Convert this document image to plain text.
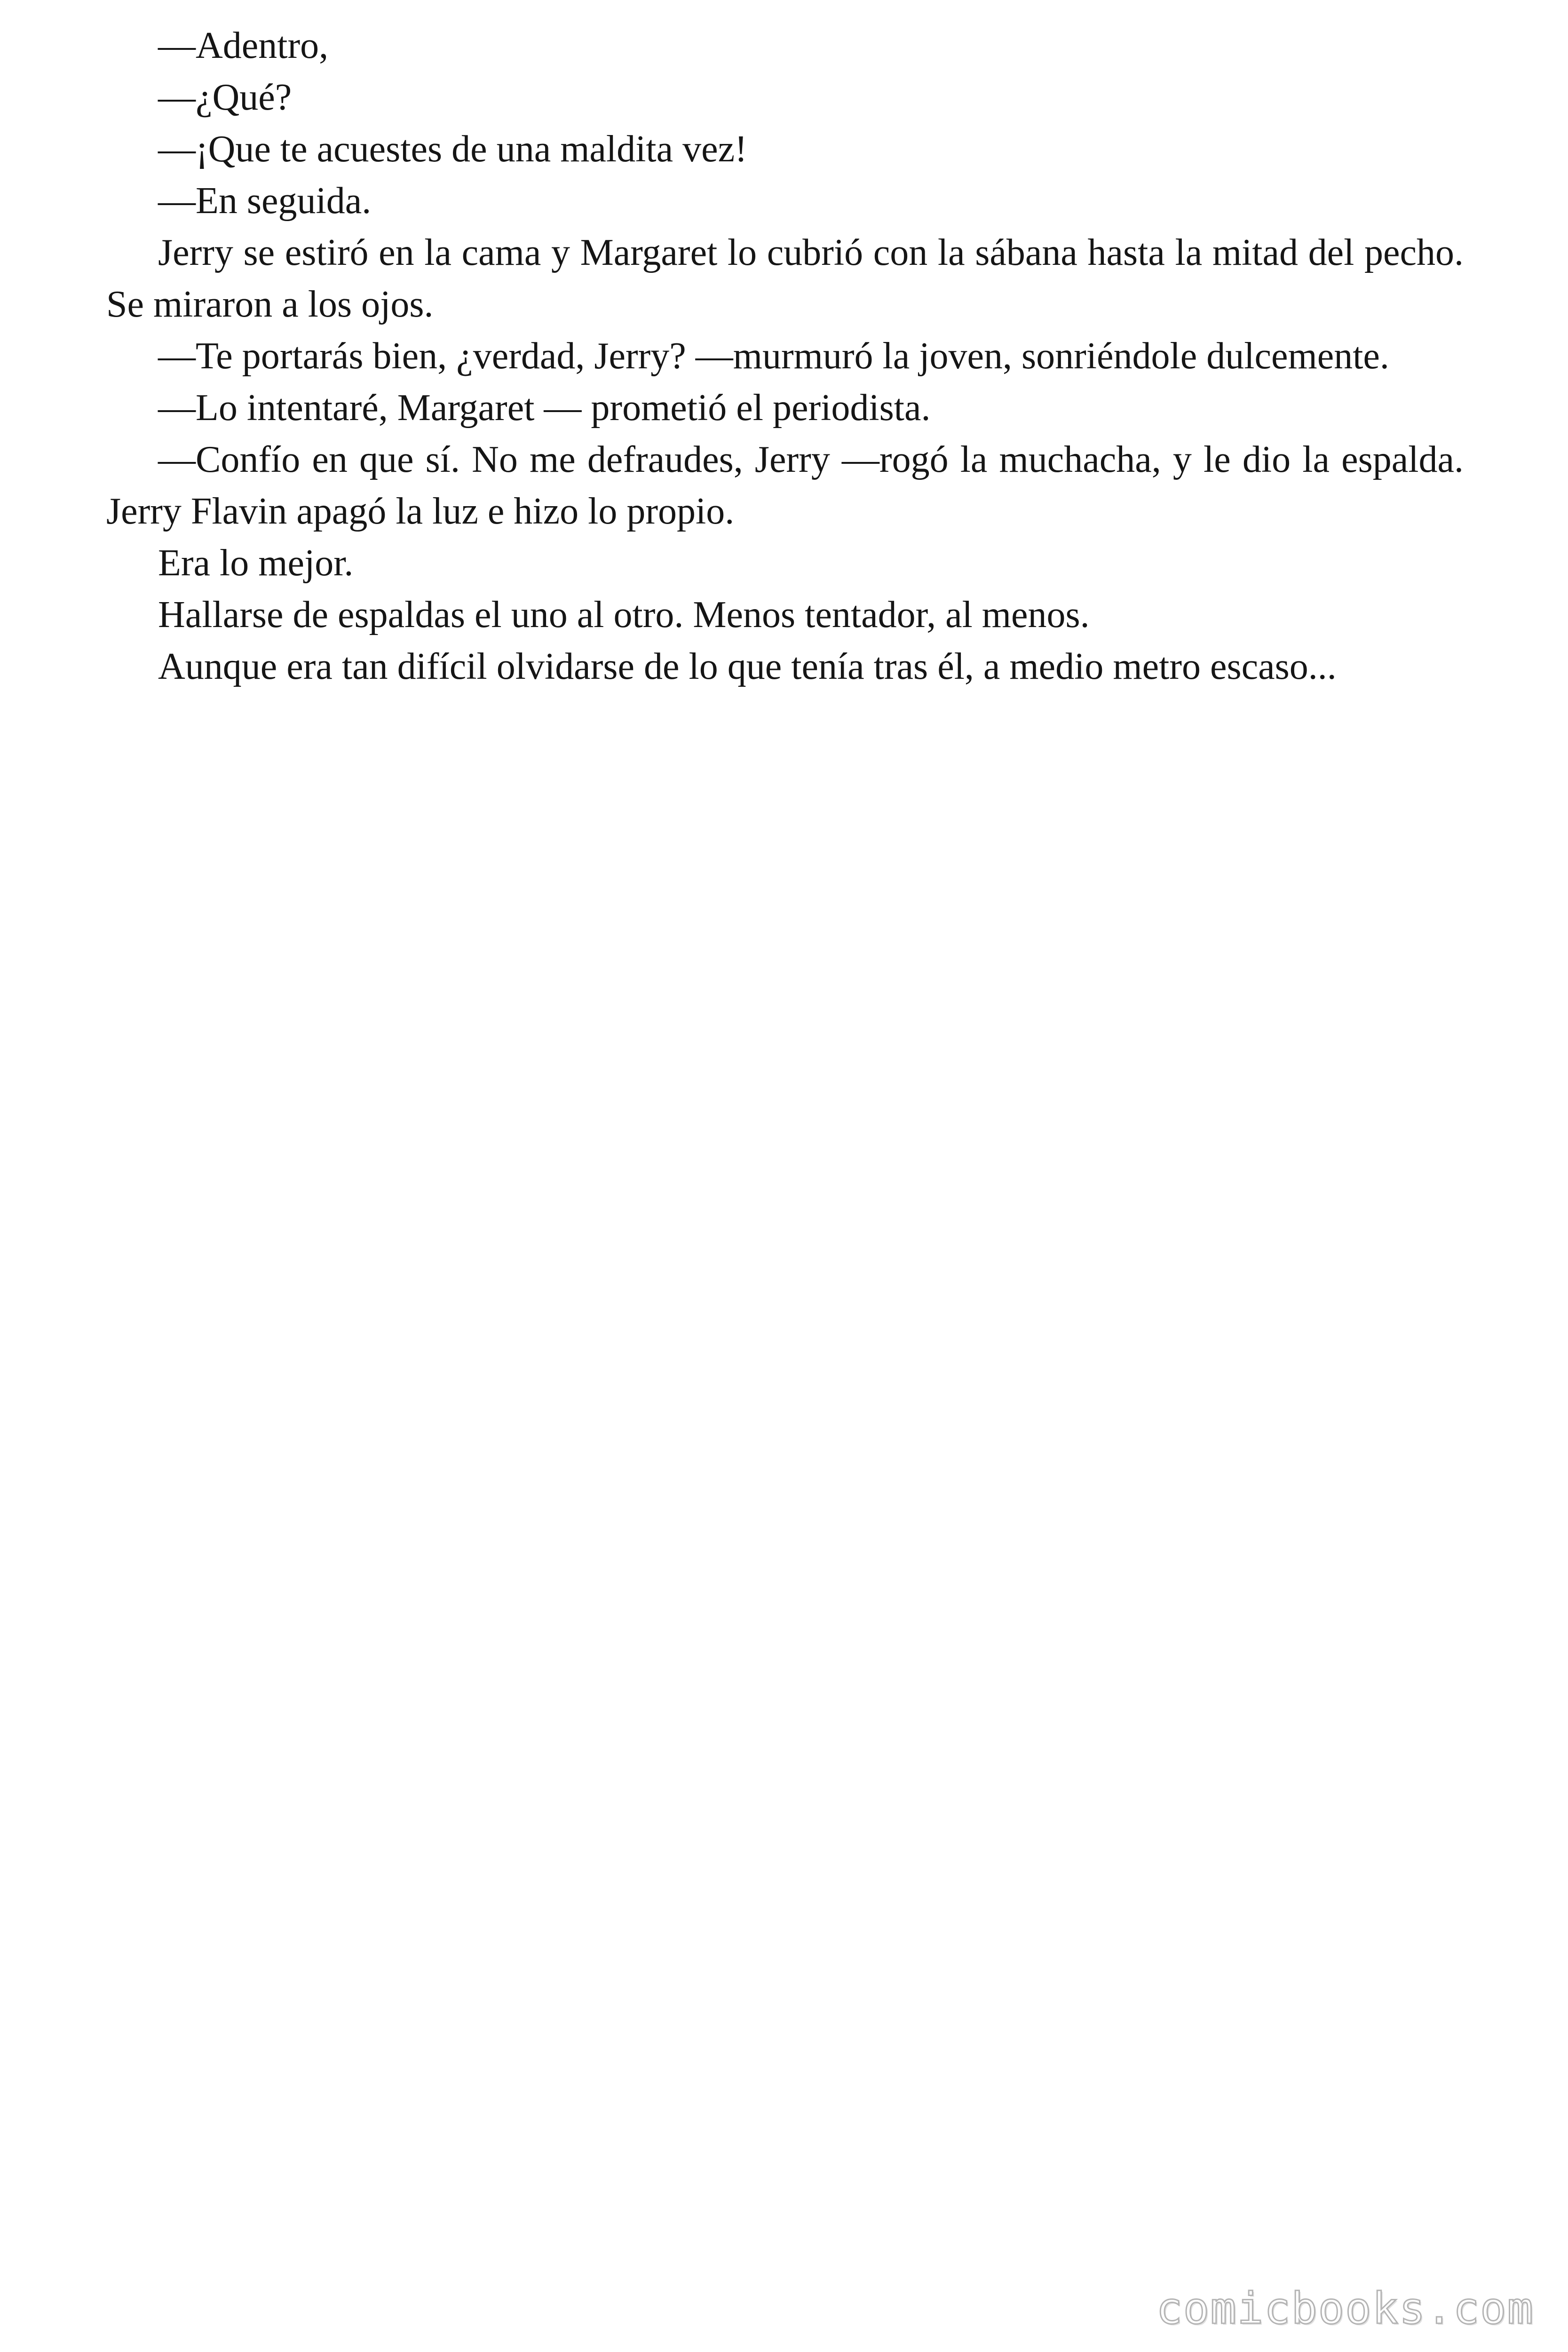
—Adentro,

—¿Qué?

—¡Que te acuestes de una maldita vez!

—En seguida.

Jerry se estiró en la cama y Margaret lo cubrió con la sábana hasta la mitad del pecho. Se miraron a los ojos.

—Te portarás bien, ¿verdad, Jerry? —murmuró la joven, sonriéndole dulcemente.

—Lo intentaré, Margaret — prometió el periodista.

—Confío en que sí. No me defraudes, Jerry —rogó la muchacha, y le dio la espalda. Jerry Flavin apagó la luz e hizo lo propio.

Era lo mejor.

Hallarse de espaldas el uno al otro. Menos tentador, al menos.

Aunque era tan difícil olvidarse de lo que tenía tras él, a medio metro escaso...

comicbooks.com
